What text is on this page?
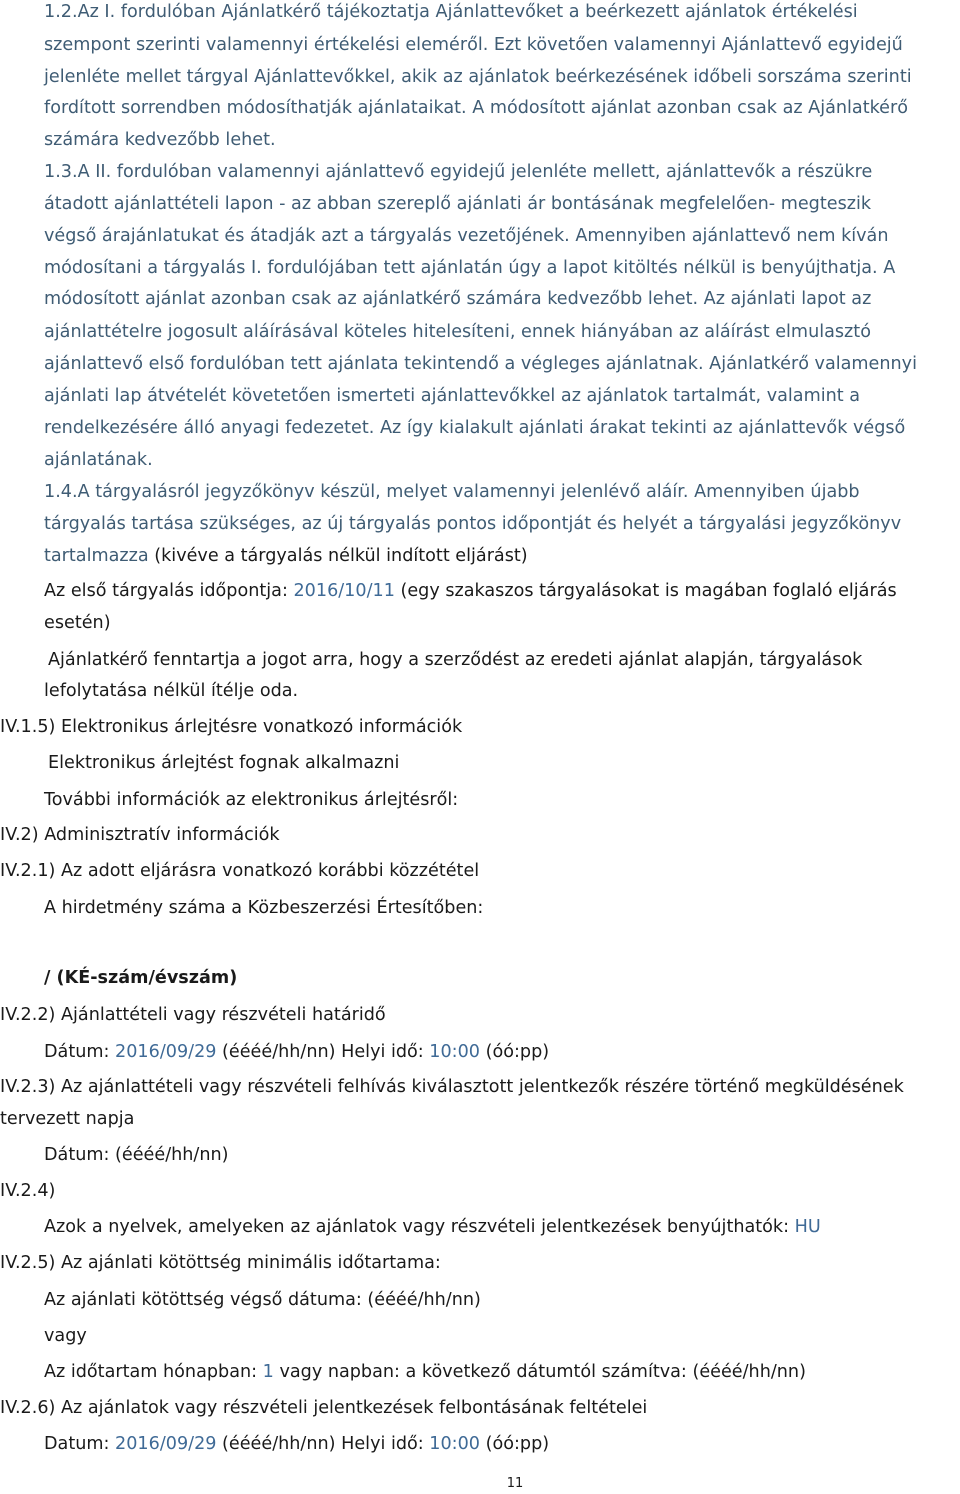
1.2.Az I. fordulóban Ajánlatkérő tájékoztatja Ajánlattevőket a beérkezett ajánlatok értékelési
szempont szerinti valamennyi értékelési eleméről. Ezt követően valamennyi Ajánlattevő egyidejű
jelenléte mellet tárgyal Ajánlattevőkkel, akik az ajánlatok beérkezésének időbeli sorszáma szerinti
fordított sorrendben módosíthatják ajánlataikat. A módosított ajánlat azonban csak az Ajánlatkérő
számára kedvezőbb lehet.
1.3.A II. fordulóban valamennyi ajánlattevő egyidejű jelenléte mellett, ajánlattevők a részükre
átadott ajánlattételi lapon - az abban szereplő ajánlati ár bontásának megfelelően- megteszik
végső árajánlatukat és átadják azt a tárgyalás vezetőjének. Amennyiben ajánlattevő nem kíván
módosítani a tárgyalás I. fordulójában tett ajánlatán úgy a lapot kitöltés nélkül is benyújthatja. A
módosított ajánlat azonban csak az ajánlatkérő számára kedvezőbb lehet. Az ajánlati lapot az
ajánlattételre jogosult aláírásával köteles hitelesíteni, ennek hiányában az aláírást elmulasztó
ajánlattevő első fordulóban tett ajánlata tekintendő a végleges ajánlatnak. Ajánlatkérő valamennyi
ajánlati lap átvételét követetően ismerteti ajánlattevőkkel az ajánlatok tartalmát, valamint a
rendelkezésére álló anyagi fedezetet. Az így kialakult ajánlati árakat tekinti az ajánlattevők végső
ajánlatának.
1.4.A tárgyalásról jegyzőkönyv készül, melyet valamennyi jelenlévő aláír. Amennyiben újabb
tárgyalás tartása szükséges, az új tárgyalás pontos időpontját és helyét a tárgyalási jegyzőkönyv
tartalmazza (kivéve a tárgyalás nélkül indított eljárást)
Az első tárgyalás időpontja: 2016/10/11 (egy szakaszos tárgyalásokat is magában foglaló eljárás
esetén)
Ajánlatkérő fenntartja a jogot arra, hogy a szerződést az eredeti ajánlat alapján, tárgyalások
lefolytatása nélkül ítélje oda.
IV.1.5) Elektronikus árlejtésre vonatkozó információk
Elektronikus árlejtést fognak alkalmazni
További információk az elektronikus árlejtésről:
IV.2) Adminisztratív információk
IV.2.1) Az adott eljárásra vonatkozó korábbi közzététel
A hirdetmény száma a Közbeszerzési Értesítőben:
/ (KÉ-szám/évszám)
IV.2.2) Ajánlattételi vagy részvételi határidő
Dátum: 2016/09/29 (éééé/hh/nn) Helyi idő: 10:00 (óó:pp)
IV.2.3) Az ajánlattételi vagy részvételi felhívás kiválasztott jelentkezők részére történő megküldésének
tervezett napja
Dátum: (éééé/hh/nn)
IV.2.4)
Azok a nyelvek, amelyeken az ajánlatok vagy részvételi jelentkezések benyújthatók: HU
IV.2.5) Az ajánlati kötöttség minimális időtartama:
Az ajánlati kötöttség végső dátuma: (éééé/hh/nn)
vagy
Az időtartam hónapban: 1 vagy napban: a következő dátumtól számítva: (éééé/hh/nn)
IV.2.6) Az ajánlatok vagy részvételi jelentkezések felbontásának feltételei
Datum: 2016/09/29 (éééé/hh/nn) Helyi idő: 10:00 (óó:pp)
11
